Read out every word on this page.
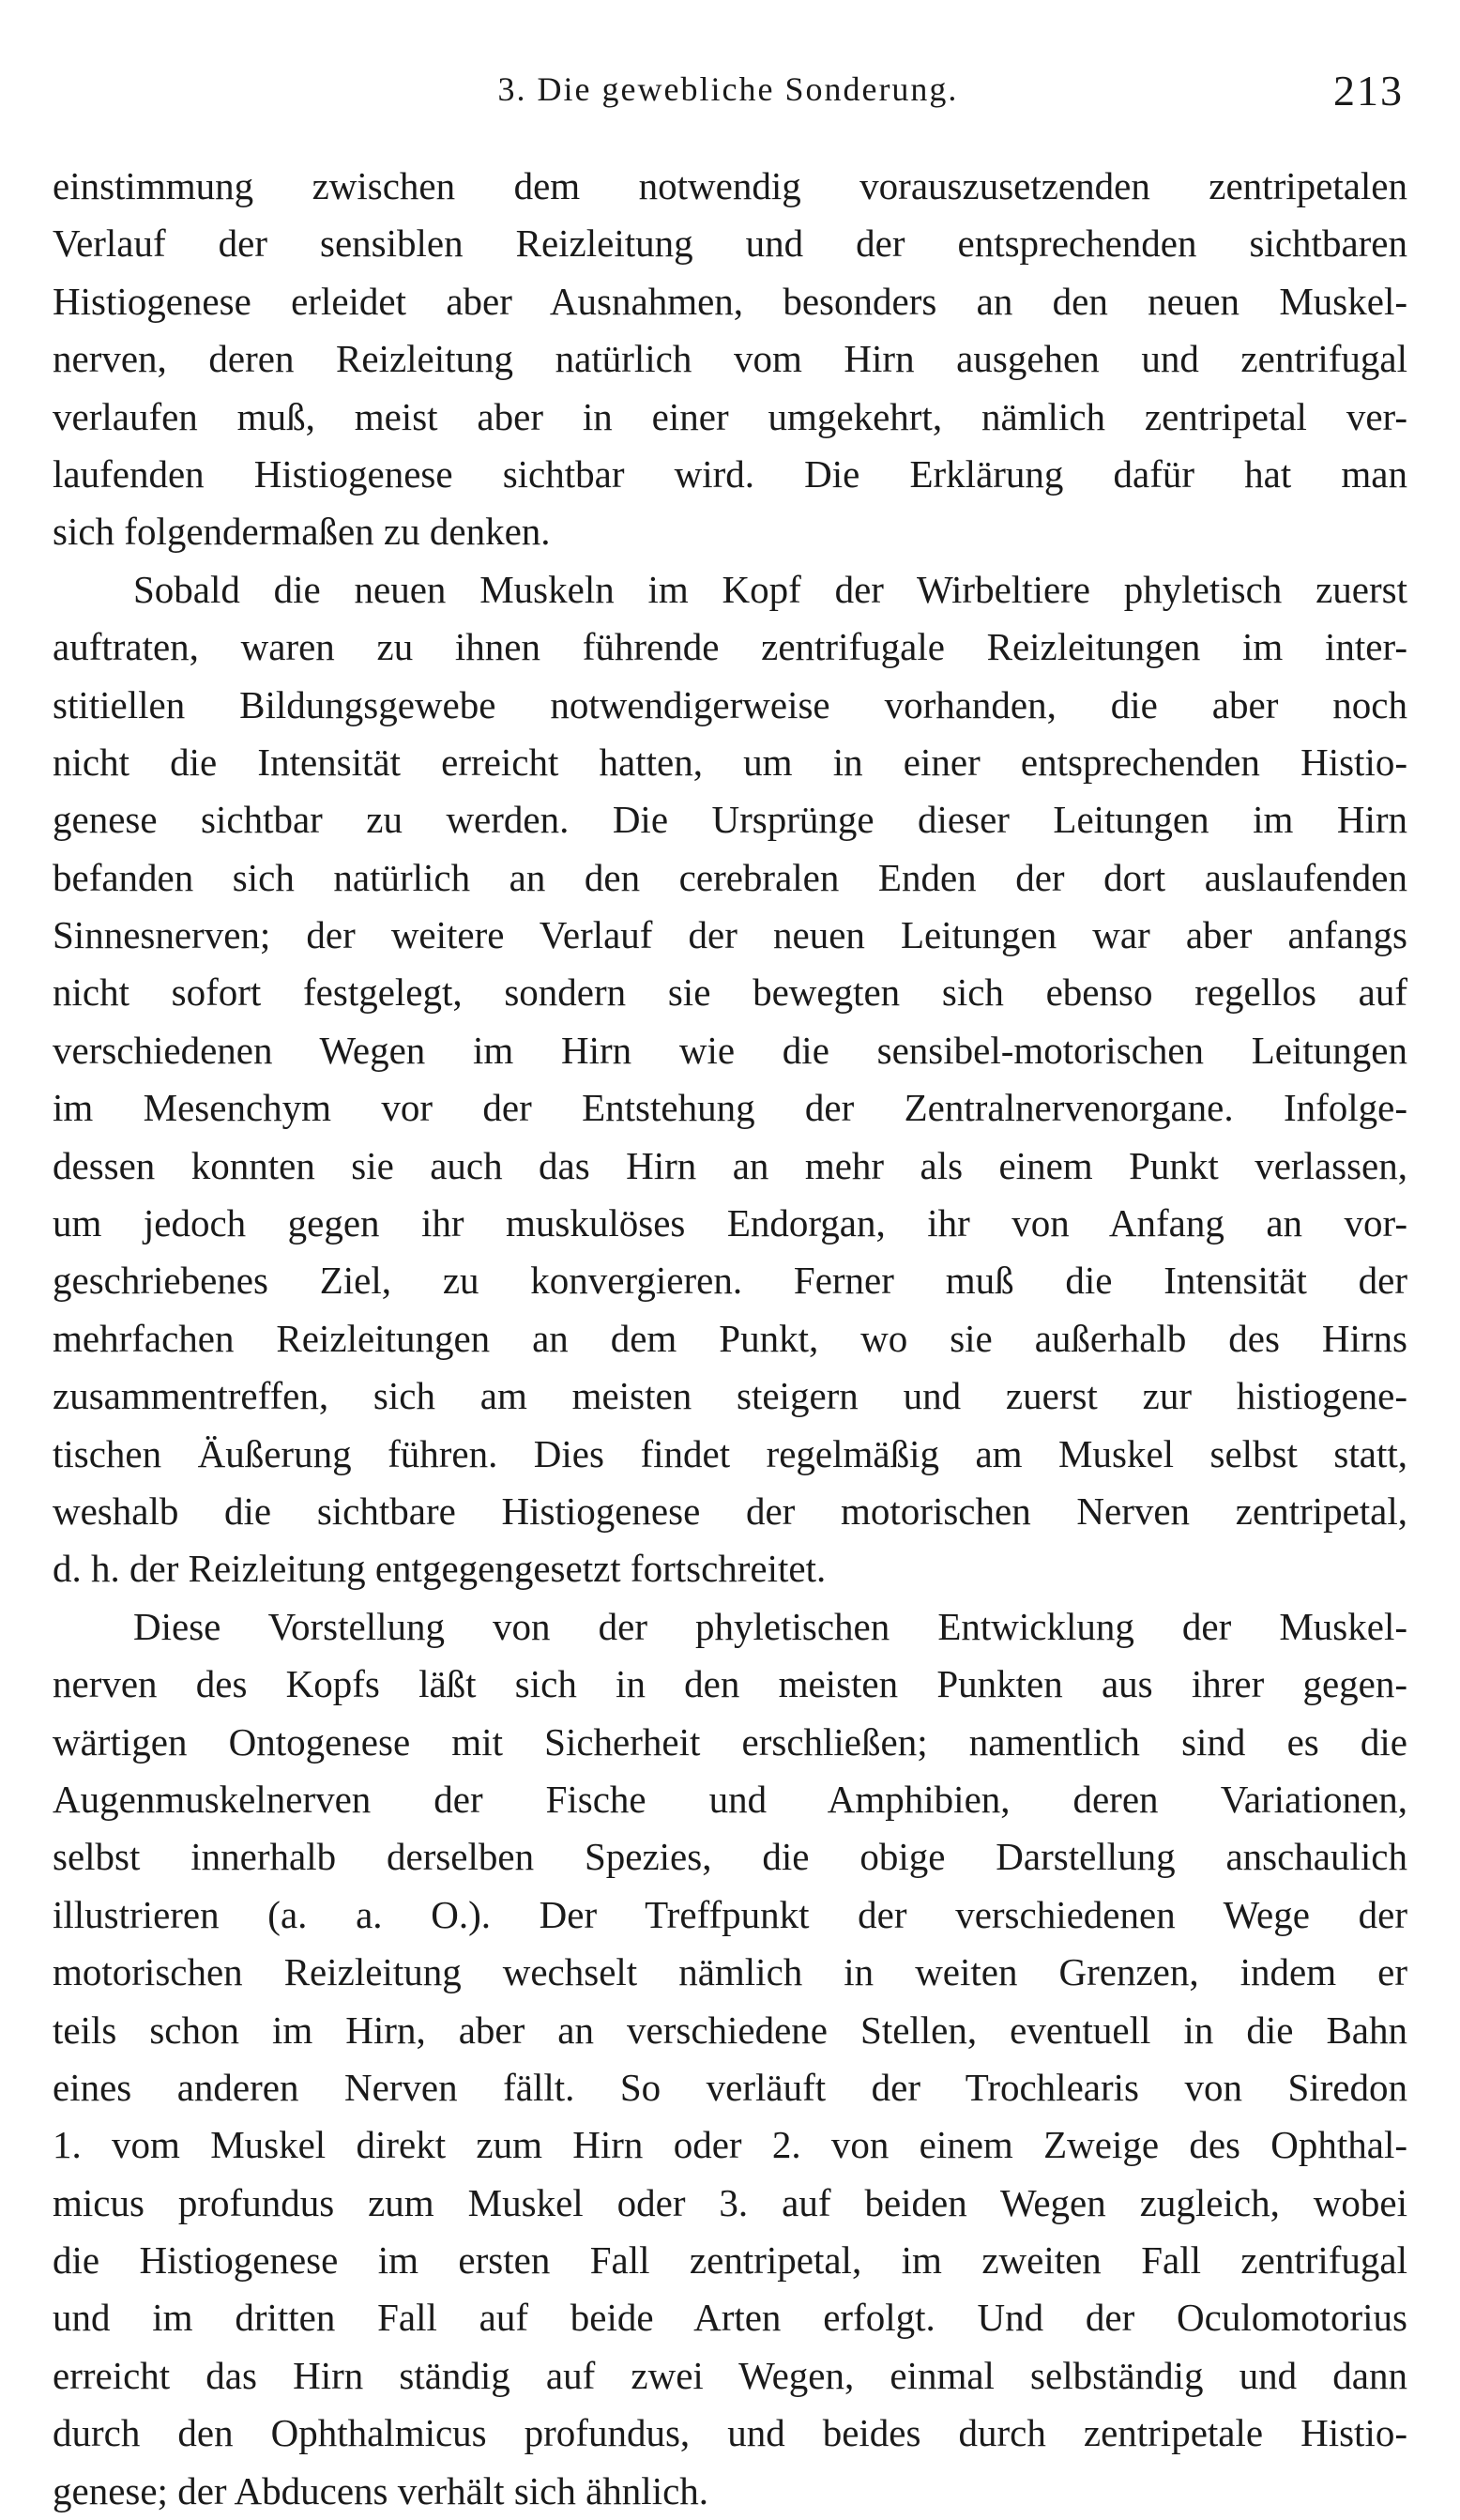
3. Die gewebliche Sonderung.	213
einstimmung zwischen dem notwendig vorauszusetzenden zentripetalen
Verlauf der sensiblen Reizleitung und der entsprechenden sichtbaren
Histiogenese erleidet aber Ausnahmen, besonders an den neuen Muskel-
nerven, deren Reizleitung natürlich vom Hirn ausgehen und zentrifugal
verlaufen muß, meist aber in einer umgekehrt, nämlich zentripetal ver-
laufenden Histiogenese sichtbar wird. Die Erklärung dafür hat man
sich folgendermaßen zu denken.
Sobald die neuen Muskeln im Kopf der Wirbeltiere phyletisch zuerst
auftraten, waren zu ihnen führende zentrifugale Reizleitungen im inter-
stitiellen Bildungsgewebe notwendigerweise vorhanden, die aber noch
nicht die Intensität erreicht hatten, um in einer entsprechenden Histio-
genese sichtbar zu werden. Die Ursprünge dieser Leitungen im Hirn
befanden sich natürlich an den cerebralen Enden der dort auslaufenden
Sinnesnerven; der weitere Verlauf der neuen Leitungen war aber anfangs
nicht sofort festgelegt, sondern sie bewegten sich ebenso regellos auf
verschiedenen Wegen im Hirn wie die sensibel-motorischen Leitungen
im Mesenchym vor der Entstehung der Zentralnervenorgane. Infolge-
dessen konnten sie auch das Hirn an mehr als einem Punkt verlassen,
um jedoch gegen ihr muskulöses Endorgan, ihr von Anfang an vor-
geschriebenes Ziel, zu konvergieren. Ferner muß die Intensität der
mehrfachen Reizleitungen an dem Punkt, wo sie außerhalb des Hirns
zusammentreffen, sich am meisten steigern und zuerst zur histiogene-
tischen Äußerung führen. Dies findet regelmäßig am Muskel selbst statt,
weshalb die sichtbare Histiogenese der motorischen Nerven zentripetal,
d. h. der Reizleitung entgegengesetzt fortschreitet.
Diese Vorstellung von der phyletischen Entwicklung der Muskel-
nerven des Kopfs läßt sich in den meisten Punkten aus ihrer gegen-
wärtigen Ontogenese mit Sicherheit erschließen; namentlich sind es die
Augenmuskelnerven der Fische und Amphibien, deren Variationen,
selbst innerhalb derselben Spezies, die obige Darstellung anschaulich
illustrieren (a. a. O.). Der Treffpunkt der verschiedenen Wege der
motorischen Reizleitung wechselt nämlich in weiten Grenzen, indem er
teils schon im Hirn, aber an verschiedene Stellen, eventuell in die Bahn
eines anderen Nerven fällt. So verläuft der Trochlearis von Siredon
1. vom Muskel direkt zum Hirn oder 2. von einem Zweige des Ophthal-
micus profundus zum Muskel oder 3. auf beiden Wegen zugleich, wobei
die Histiogenese im ersten Fall zentripetal, im zweiten Fall zentrifugal
und im dritten Fall auf beide Arten erfolgt. Und der Oculomotorius
erreicht das Hirn ständig auf zwei Wegen, einmal selbständig und dann
durch den Ophthalmicus profundus, und beides durch zentripetale Histio-
genese; der Abducens verhält sich ähnlich.
